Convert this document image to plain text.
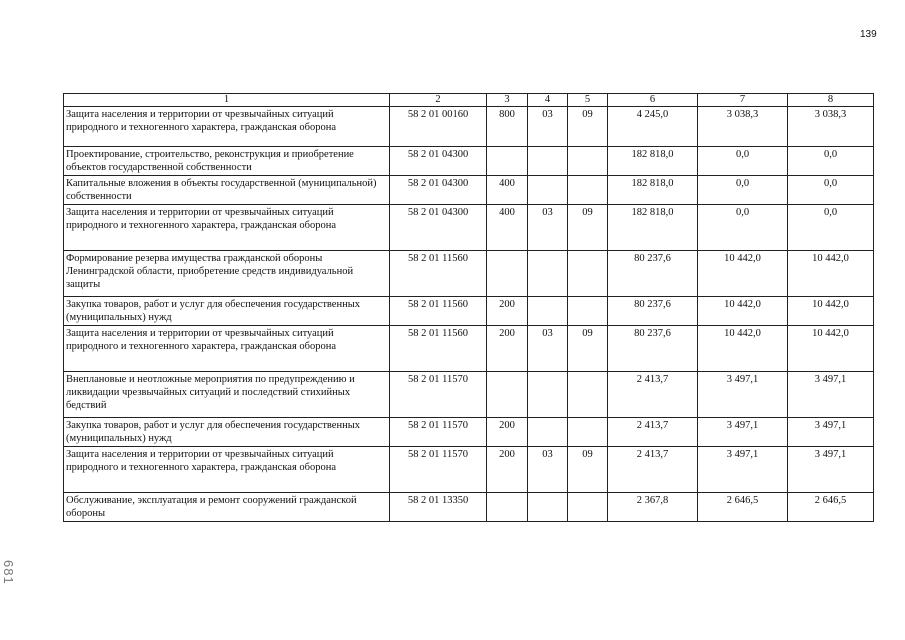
139
681
1	2	3	4	5	6	7	8
Защита населения и территории от чрезвычайных ситуаций природного и техногенного характера, гражданская оборона	58 2 01 00160	800	03	09	4 245,0	3 038,3	3 038,3
Проектирование, строительство, реконструкция и приобретение объектов государственной собственности	58 2 01 04300				182 818,0	0,0	0,0
Капитальные вложения в объекты государственной (муниципальной) собственности	58 2 01 04300	400			182 818,0	0,0	0,0
Защита населения и территории от чрезвычайных ситуаций природного и техногенного характера, гражданская оборона	58 2 01 04300	400	03	09	182 818,0	0,0	0,0
Формирование резерва имущества гражданской обороны Ленинградской области, приобретение средств индивидуальной защиты	58 2 01 11560				80 237,6	10 442,0	10 442,0
Закупка товаров, работ и услуг для обеспечения государственных (муниципальных) нужд	58 2 01 11560	200			80 237,6	10 442,0	10 442,0
Защита населения и территории от чрезвычайных ситуаций природного и техногенного характера, гражданская оборона	58 2 01 11560	200	03	09	80 237,6	10 442,0	10 442,0
Внеплановые и неотложные мероприятия по предупреждению и ликвидации чрезвычайных ситуаций и последствий стихийных бедствий	58 2 01 11570				2 413,7	3 497,1	3 497,1
Закупка товаров, работ и услуг для обеспечения государственных (муниципальных) нужд	58 2 01 11570	200			2 413,7	3 497,1	3 497,1
Защита населения и территории от чрезвычайных ситуаций природного и техногенного характера, гражданская оборона	58 2 01 11570	200	03	09	2 413,7	3 497,1	3 497,1
Обслуживание, эксплуатация и ремонт сооружений гражданской обороны	58 2 01 13350				2 367,8	2 646,5	2 646,5
